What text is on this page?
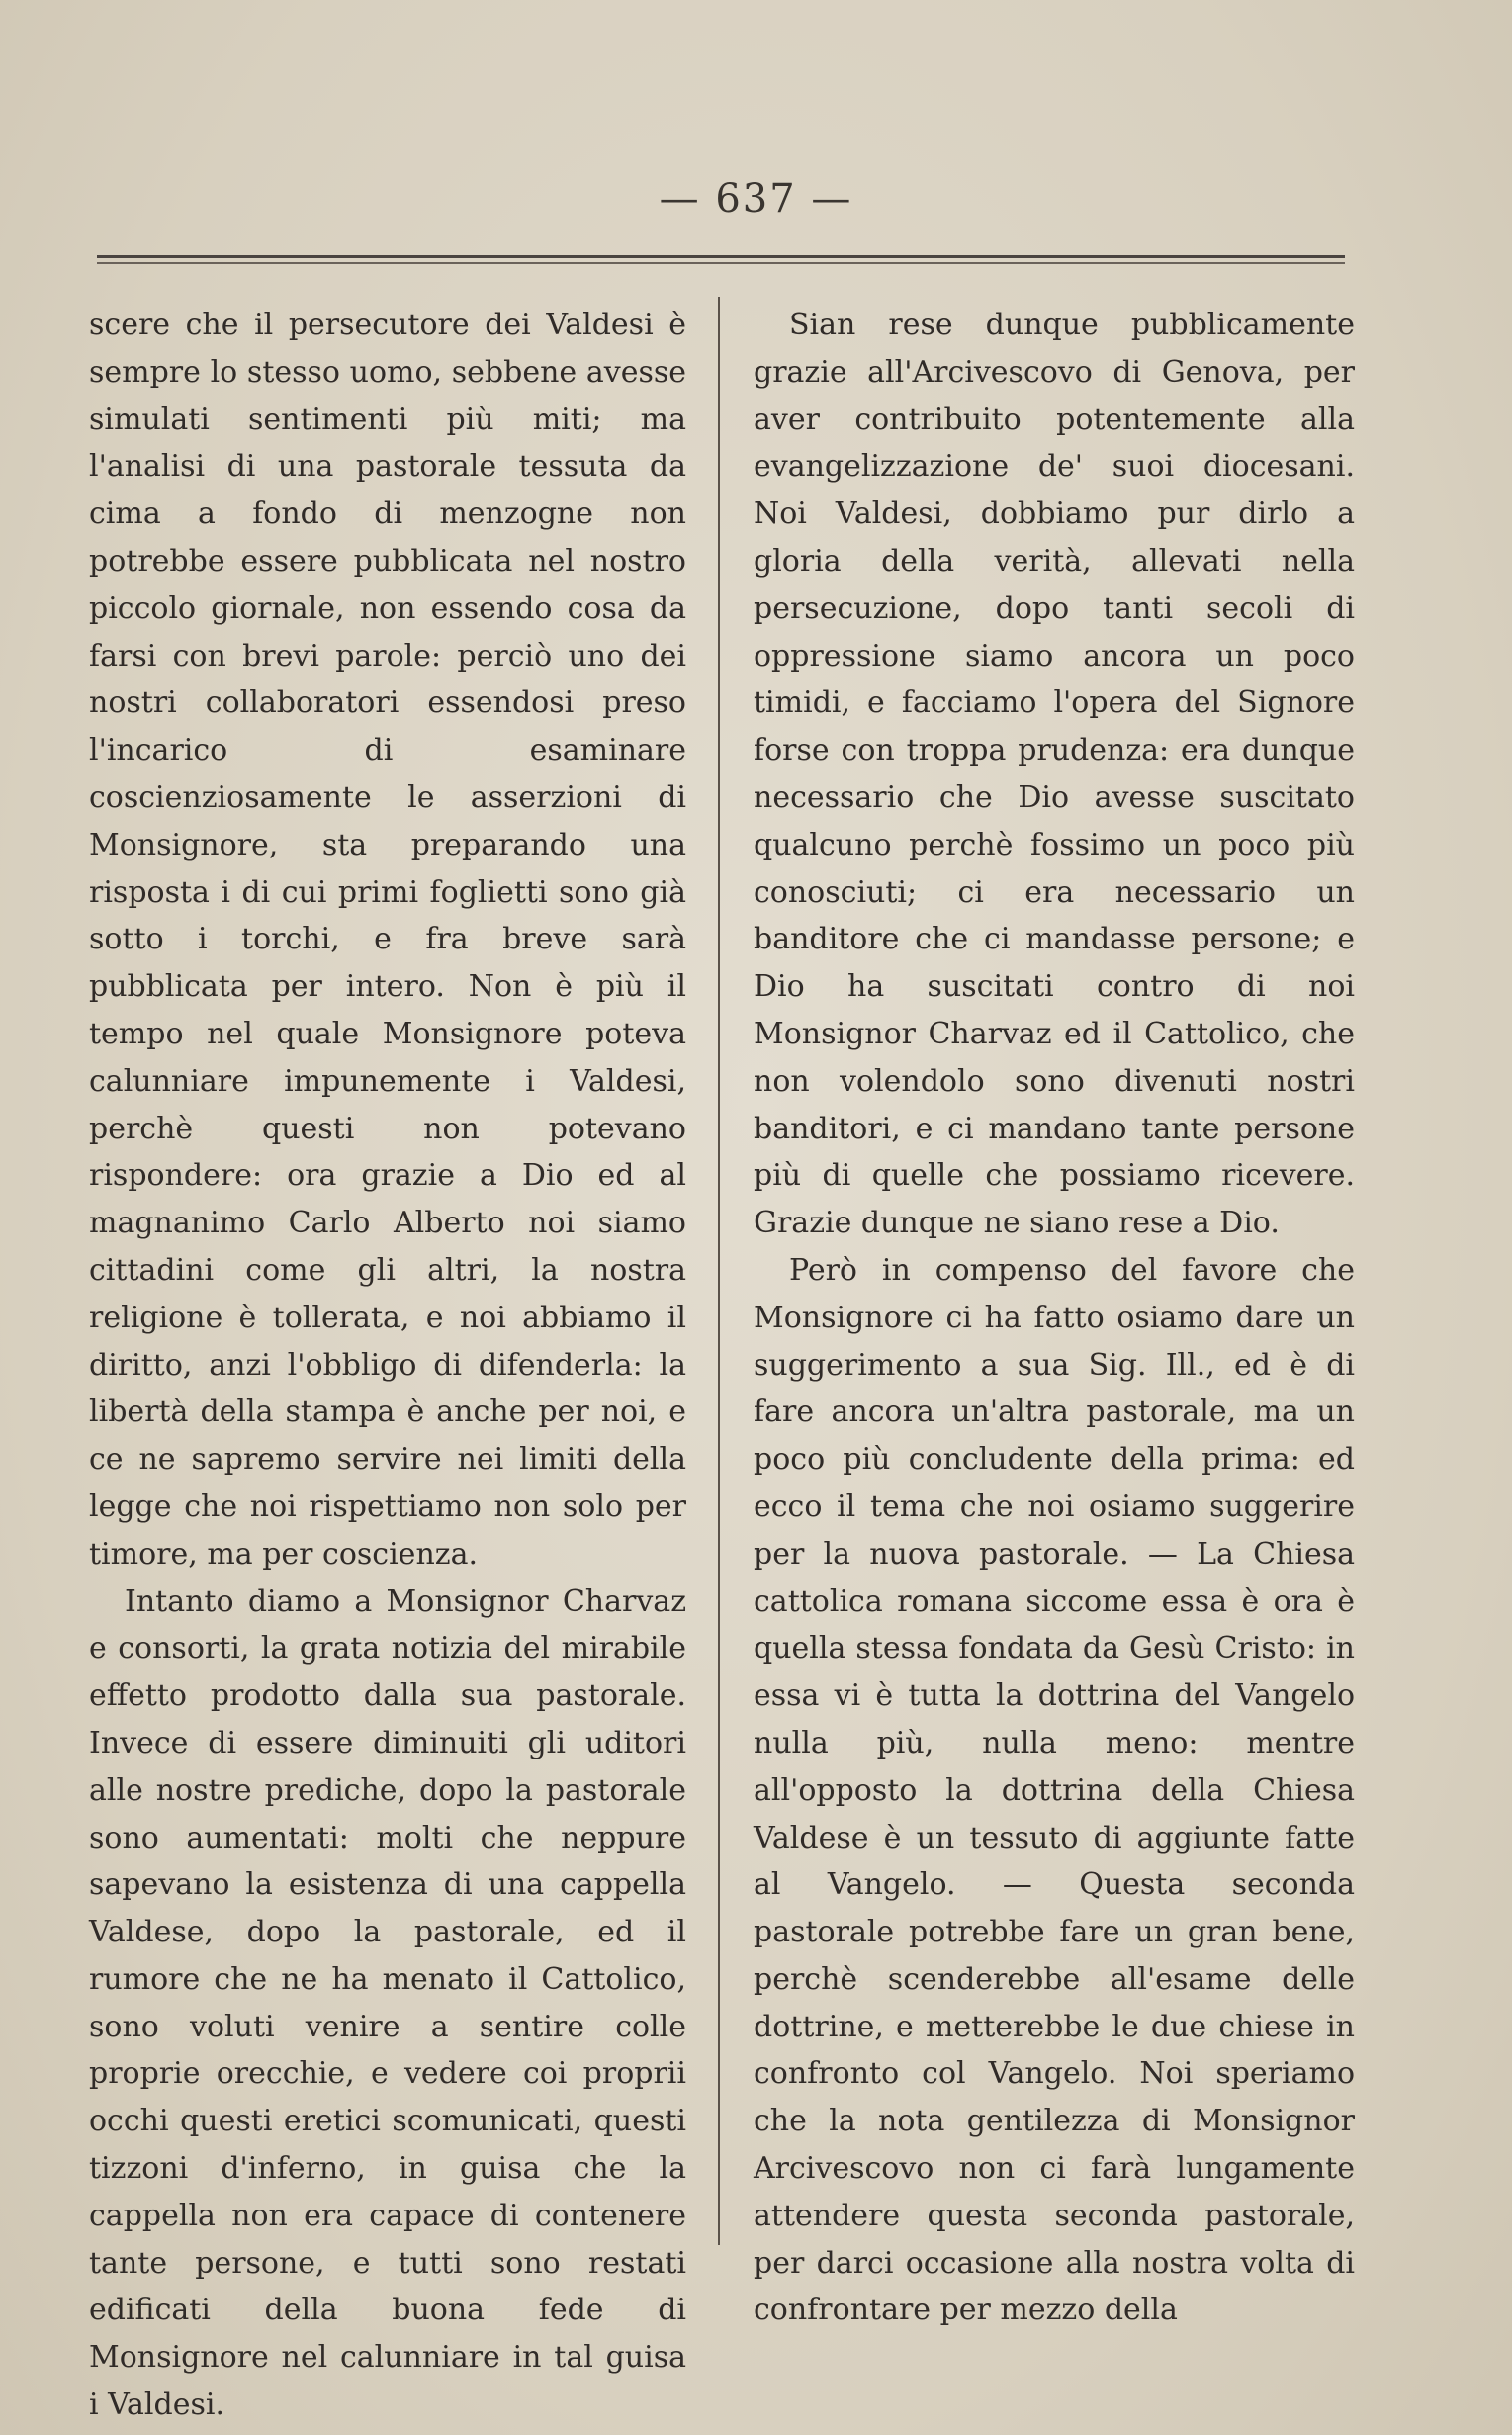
— 637 —

scere che il persecutore dei Valdesi è sempre lo stesso uomo, sebbene avesse simulati sentimenti più miti; ma l'analisi di una pastorale tessuta da cima a fondo di menzogne non potrebbe essere pubblicata nel nostro piccolo giornale, non essendo cosa da farsi con brevi parole: perciò uno dei nostri collaboratori essendosi preso l'incarico di esaminare coscienziosamente le asserzioni di Monsignore, sta preparando una risposta i di cui primi foglietti sono già sotto i torchi, e fra breve sarà pubblicata per intero. Non è più il tempo nel quale Monsignore poteva calunniare impunemente i Valdesi, perchè questi non potevano rispondere: ora grazie a Dio ed al magnanimo Carlo Alberto noi siamo cittadini come gli altri, la nostra religione è tollerata, e noi abbiamo il diritto, anzi l'obbligo di difenderla: la libertà della stampa è anche per noi, e ce ne sapremo servire nei limiti della legge che noi rispettiamo non solo per timore, ma per coscienza.

Intanto diamo a Monsignor Charvaz e consorti, la grata notizia del mirabile effetto prodotto dalla sua pastorale. Invece di essere diminuiti gli uditori alle nostre prediche, dopo la pastorale sono aumentati: molti che neppure sapevano la esistenza di una cappella Valdese, dopo la pastorale, ed il rumore che ne ha menato il Cattolico, sono voluti venire a sentire colle proprie orecchie, e vedere coi proprii occhi questi eretici scomunicati, questi tizzoni d'inferno, in guisa che la cappella non era capace di contenere tante persone, e tutti sono restati edificati della buona fede di Monsignore nel calunniare in tal guisa i Valdesi.

Sian rese dunque pubblicamente grazie all'Arcivescovo di Genova, per aver contribuito potentemente alla evangelizzazione de' suoi diocesani. Noi Valdesi, dobbiamo pur dirlo a gloria della verità, allevati nella persecuzione, dopo tanti secoli di oppressione siamo ancora un poco timidi, e facciamo l'opera del Signore forse con troppa prudenza: era dunque necessario che Dio avesse suscitato qualcuno perchè fossimo un poco più conosciuti; ci era necessario un banditore che ci mandasse persone; e Dio ha suscitati contro di noi Monsignor Charvaz ed il Cattolico, che non volendolo sono divenuti nostri banditori, e ci mandano tante persone più di quelle che possiamo ricevere. Grazie dunque ne siano rese a Dio.

Però in compenso del favore che Monsignore ci ha fatto osiamo dare un suggerimento a sua Sig. Ill., ed è di fare ancora un'altra pastorale, ma un poco più concludente della prima: ed ecco il tema che noi osiamo suggerire per la nuova pastorale. — La Chiesa cattolica romana siccome essa è ora è quella stessa fondata da Gesù Cristo: in essa vi è tutta la dottrina del Vangelo nulla più, nulla meno: mentre all'opposto la dottrina della Chiesa Valdese è un tessuto di aggiunte fatte al Vangelo. — Questa seconda pastorale potrebbe fare un gran bene, perchè scenderebbe all'esame delle dottrine, e metterebbe le due chiese in confronto col Vangelo. Noi speriamo che la nota gentilezza di Monsignor Arcivescovo non ci farà lungamente attendere questa seconda pastorale, per darci occasione alla nostra volta di confrontare per mezzo della
